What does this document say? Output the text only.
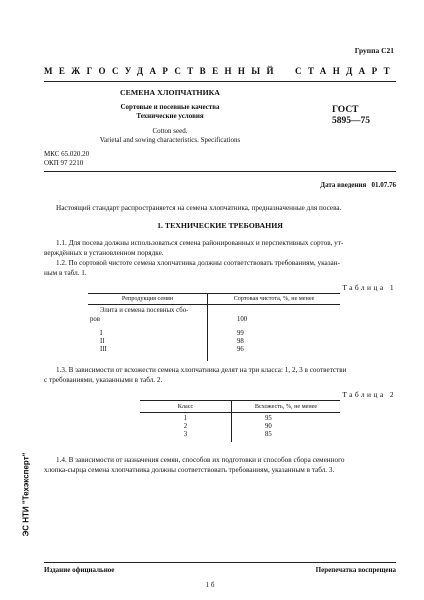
Группа С21
МЕЖГОСУДАРСТВЕННЫЙ СТАНДАРТ
СЕМЕНА ХЛОПЧАТНИКА
Сортовые и посевные качества
Технические условия
Cotton seed.
Varietal and sowing characteristics. Specifications
ГОСТ
5895—75
МКС 65.020.20
ОКП 97 2210
Дата введения 01.07.76
Настоящий стандарт распространяется на семена хлопчатника, предназначенные для посева.
1. ТЕХНИЧЕСКИЕ ТРЕБОВАНИЯ
1.1. Для посева должны использоваться семена районированных и перспективных сортов, ут-
верждённых в установленном порядке.
1.2. По сортовой чистоте семена хлопчатника должны соответствовать требованиям, указан-
ным в табл. 1.
Таблица 1
Репродукция семян	Сортовая чистота, %, не менее
Элита и семена посевных сбо-
ров	100
I	99
II	98
III	96
1.3. В зависимости от всхожести семена хлопчатника делят на три класса: 1, 2, 3 в соответстви
с требованиями, указанными в табл. 2.
Таблица 2
Класс	Всхожесть, %, не менее
1	95
2	90
3	85
1.4. В зависимости от назначения семян, способов их подготовки и способов сбора семенного
хлопка-сырца семена хлопчатника должны соответствовать требованиям, указанным в табл. 3.
ЭС НТИ "Техэксперт"
Издание официальное	Перепечатка воспрещена
1 б
